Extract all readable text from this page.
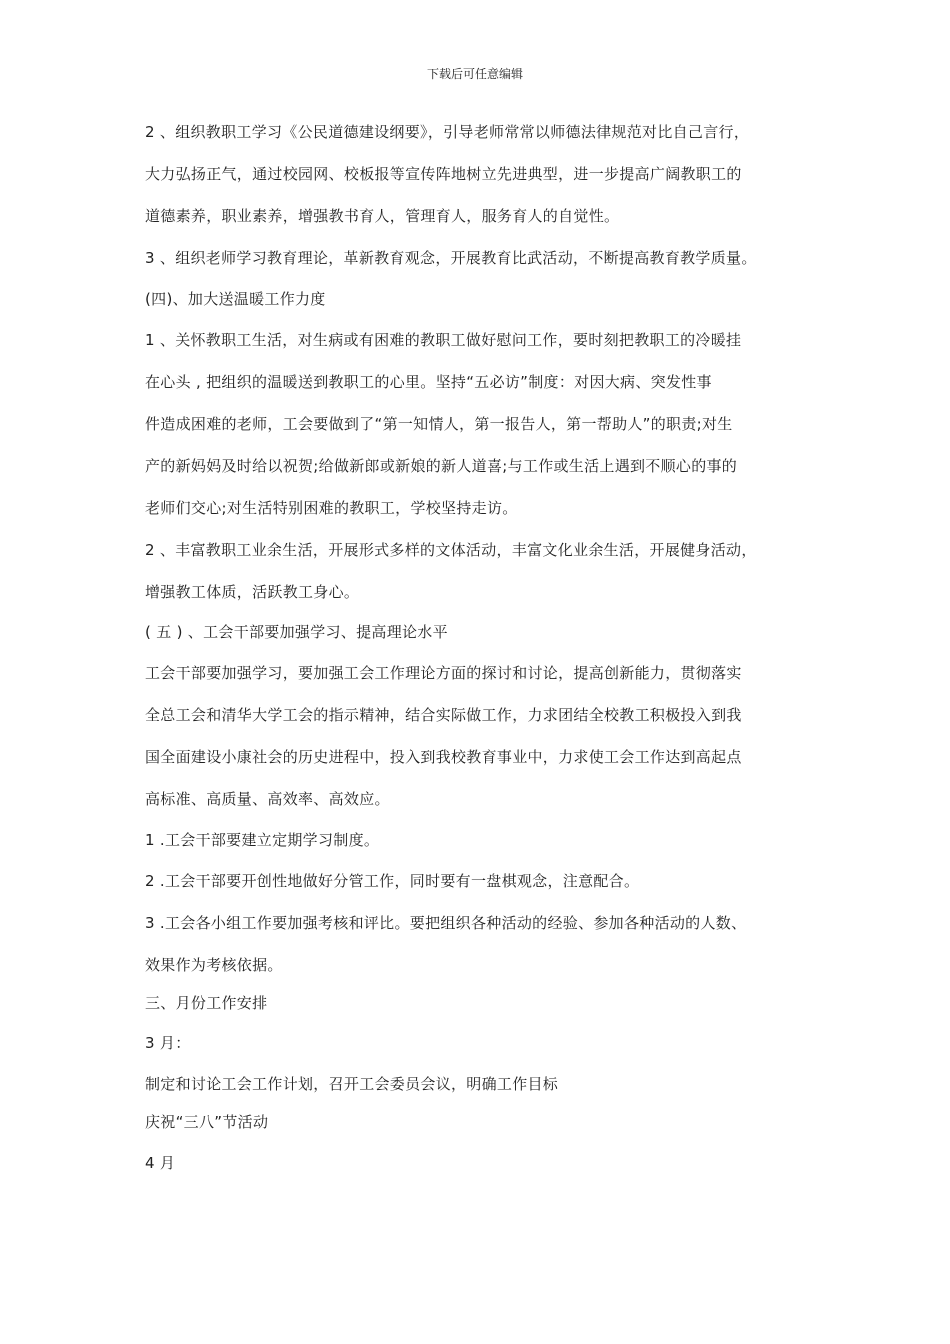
下载后可任意编辑
2 、组织教职工学习《公民道德建设纲要》，引导老师常常以师德法律规范对比自己言行，
大力弘扬正气，通过校园网、校板报等宣传阵地树立先进典型，进一步提高广阔教职工的
道德素养，职业素养，增强教书育人，管理育人，服务育人的自觉性。
3 、组织老师学习教育理论，革新教育观念，开展教育比武活动，不断提高教育教学质量。
(四)、加大送温暖工作力度
1 、关怀教职工生活，对生病或有困难的教职工做好慰问工作，要时刻把教职工的冷暖挂
在心头 , 把组织的温暖送到教职工的心里。坚持“五必访”制度：对因大病、突发性事
件造成困难的老师，工会要做到了“第一知情人，第一报告人，第一帮助人”的职责;对生
产的新妈妈及时给以祝贺;给做新郎或新娘的新人道喜;与工作或生活上遇到不顺心的事的
老师们交心;对生活特别困难的教职工，学校坚持走访。
2 、丰富教职工业余生活，开展形式多样的文体活动，丰富文化业余生活，开展健身活动，
增强教工体质，活跃教工身心。
( 五 ) 、工会干部要加强学习、提高理论水平
工会干部要加强学习，要加强工会工作理论方面的探讨和讨论，提高创新能力，贯彻落实
全总工会和清华大学工会的指示精神，结合实际做工作，力求团结全校教工积极投入到我
国全面建设小康社会的历史进程中，投入到我校教育事业中，力求使工会工作达到高起点
高标准、高质量、高效率、高效应。
1 .工会干部要建立定期学习制度。
2 .工会干部要开创性地做好分管工作，同时要有一盘棋观念，注意配合。
3 .工会各小组工作要加强考核和评比。要把组织各种活动的经验、参加各种活动的人数、
效果作为考核依据。
三、月份工作安排
3 月：
制定和讨论工会工作计划，召开工会委员会议，明确工作目标
庆祝“三八”节活动
4 月
